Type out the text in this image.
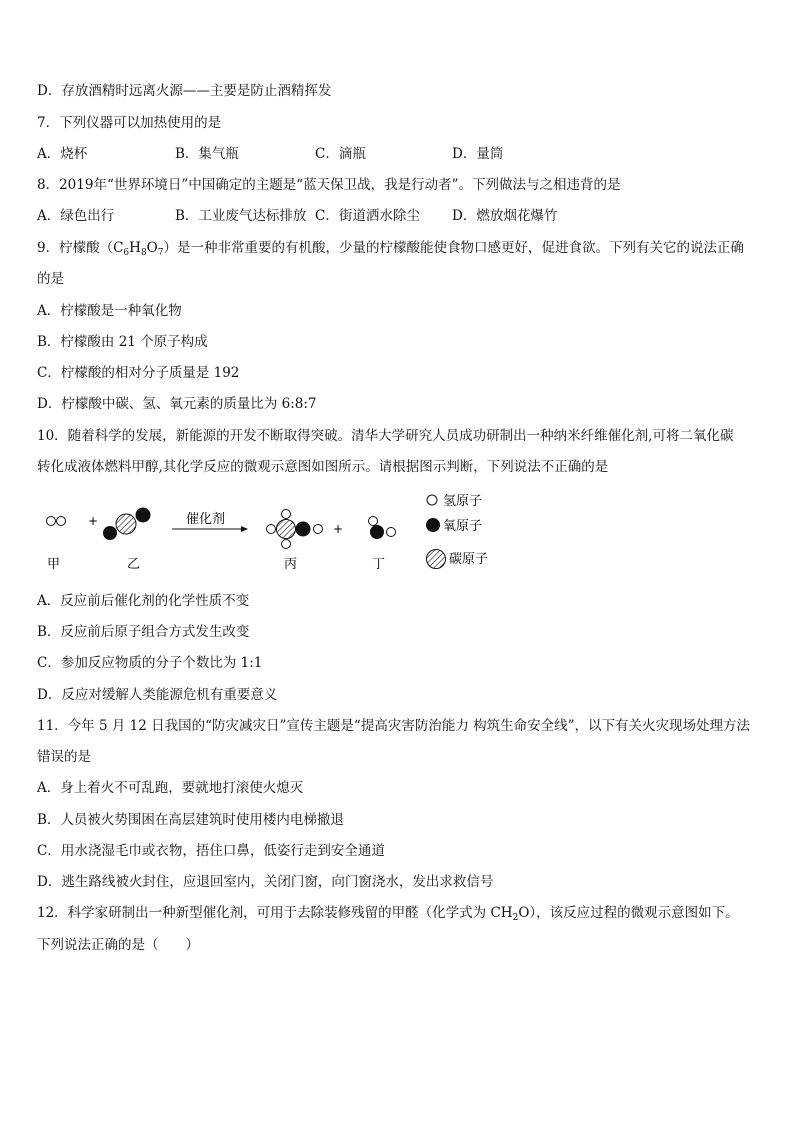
D．存放酒精时远离火源——主要是防止酒精挥发
7．下列仪器可以加热使用的是
A．烧杯	B．集气瓶	C．滴瓶	D．量筒
8．2019年“世界环境日”中国确定的主题是“蓝天保卫战，我是行动者”。下列做法与之相违背的是
A．绿色出行	B．工业废气达标排放 C．街道洒水除尘 D．燃放烟花爆竹
9．柠檬酸$(C_6H_8O_7)$是一种非常重要的有机酸，少量的柠檬酸能使食物口感更好，促进食欲。下列有关它的说法正确
的是
A．柠檬酸是一种氧化物
B．柠檬酸由 21 个原子构成
C．柠檬酸的相对分子质量是 192
D．柠檬酸中碳、氢、氧元素的质量比为 6:8:7
10．随着科学的发展，新能源的开发不断取得突破。清华大学研究人员成功研制出一种纳米纤维催化剂,可将二氧化碳
转化成液体燃料甲醇,其化学反应的微观示意图如图所示。请根据图示判断，下列说法不正确的是
+	催化剂
+
甲	乙	丙	丁
氢原子
氧原子
碳原子
A．反应前后催化剂的化学性质不变
B．反应前后原子组合方式发生改变
C．参加反应物质的分子个数比为 1:1
D．反应对缓解人类能源危机有重要意义
11．今年 5 月 12 日我国的“防灾减灾日”宣传主题是“提高灾害防治能力 构筑生命安全线”，以下有关火灾现场处理方法
错误的是
A．身上着火不可乱跑，要就地打滚使火熄灭
B．人员被火势围困在高层建筑时使用楼内电梯撤退
C．用水浇湿毛巾或衣物，捂住口鼻，低姿行走到安全通道
D．逃生路线被火封住，应退回室内，关闭门窗，向门窗浇水，发出求救信号
12．科学家研制出一种新型催化剂，可用于去除装修残留的甲醛（化学式为 $CH_2O$），该反应过程的微观示意图如下。
下列说法正确的是（　　）
